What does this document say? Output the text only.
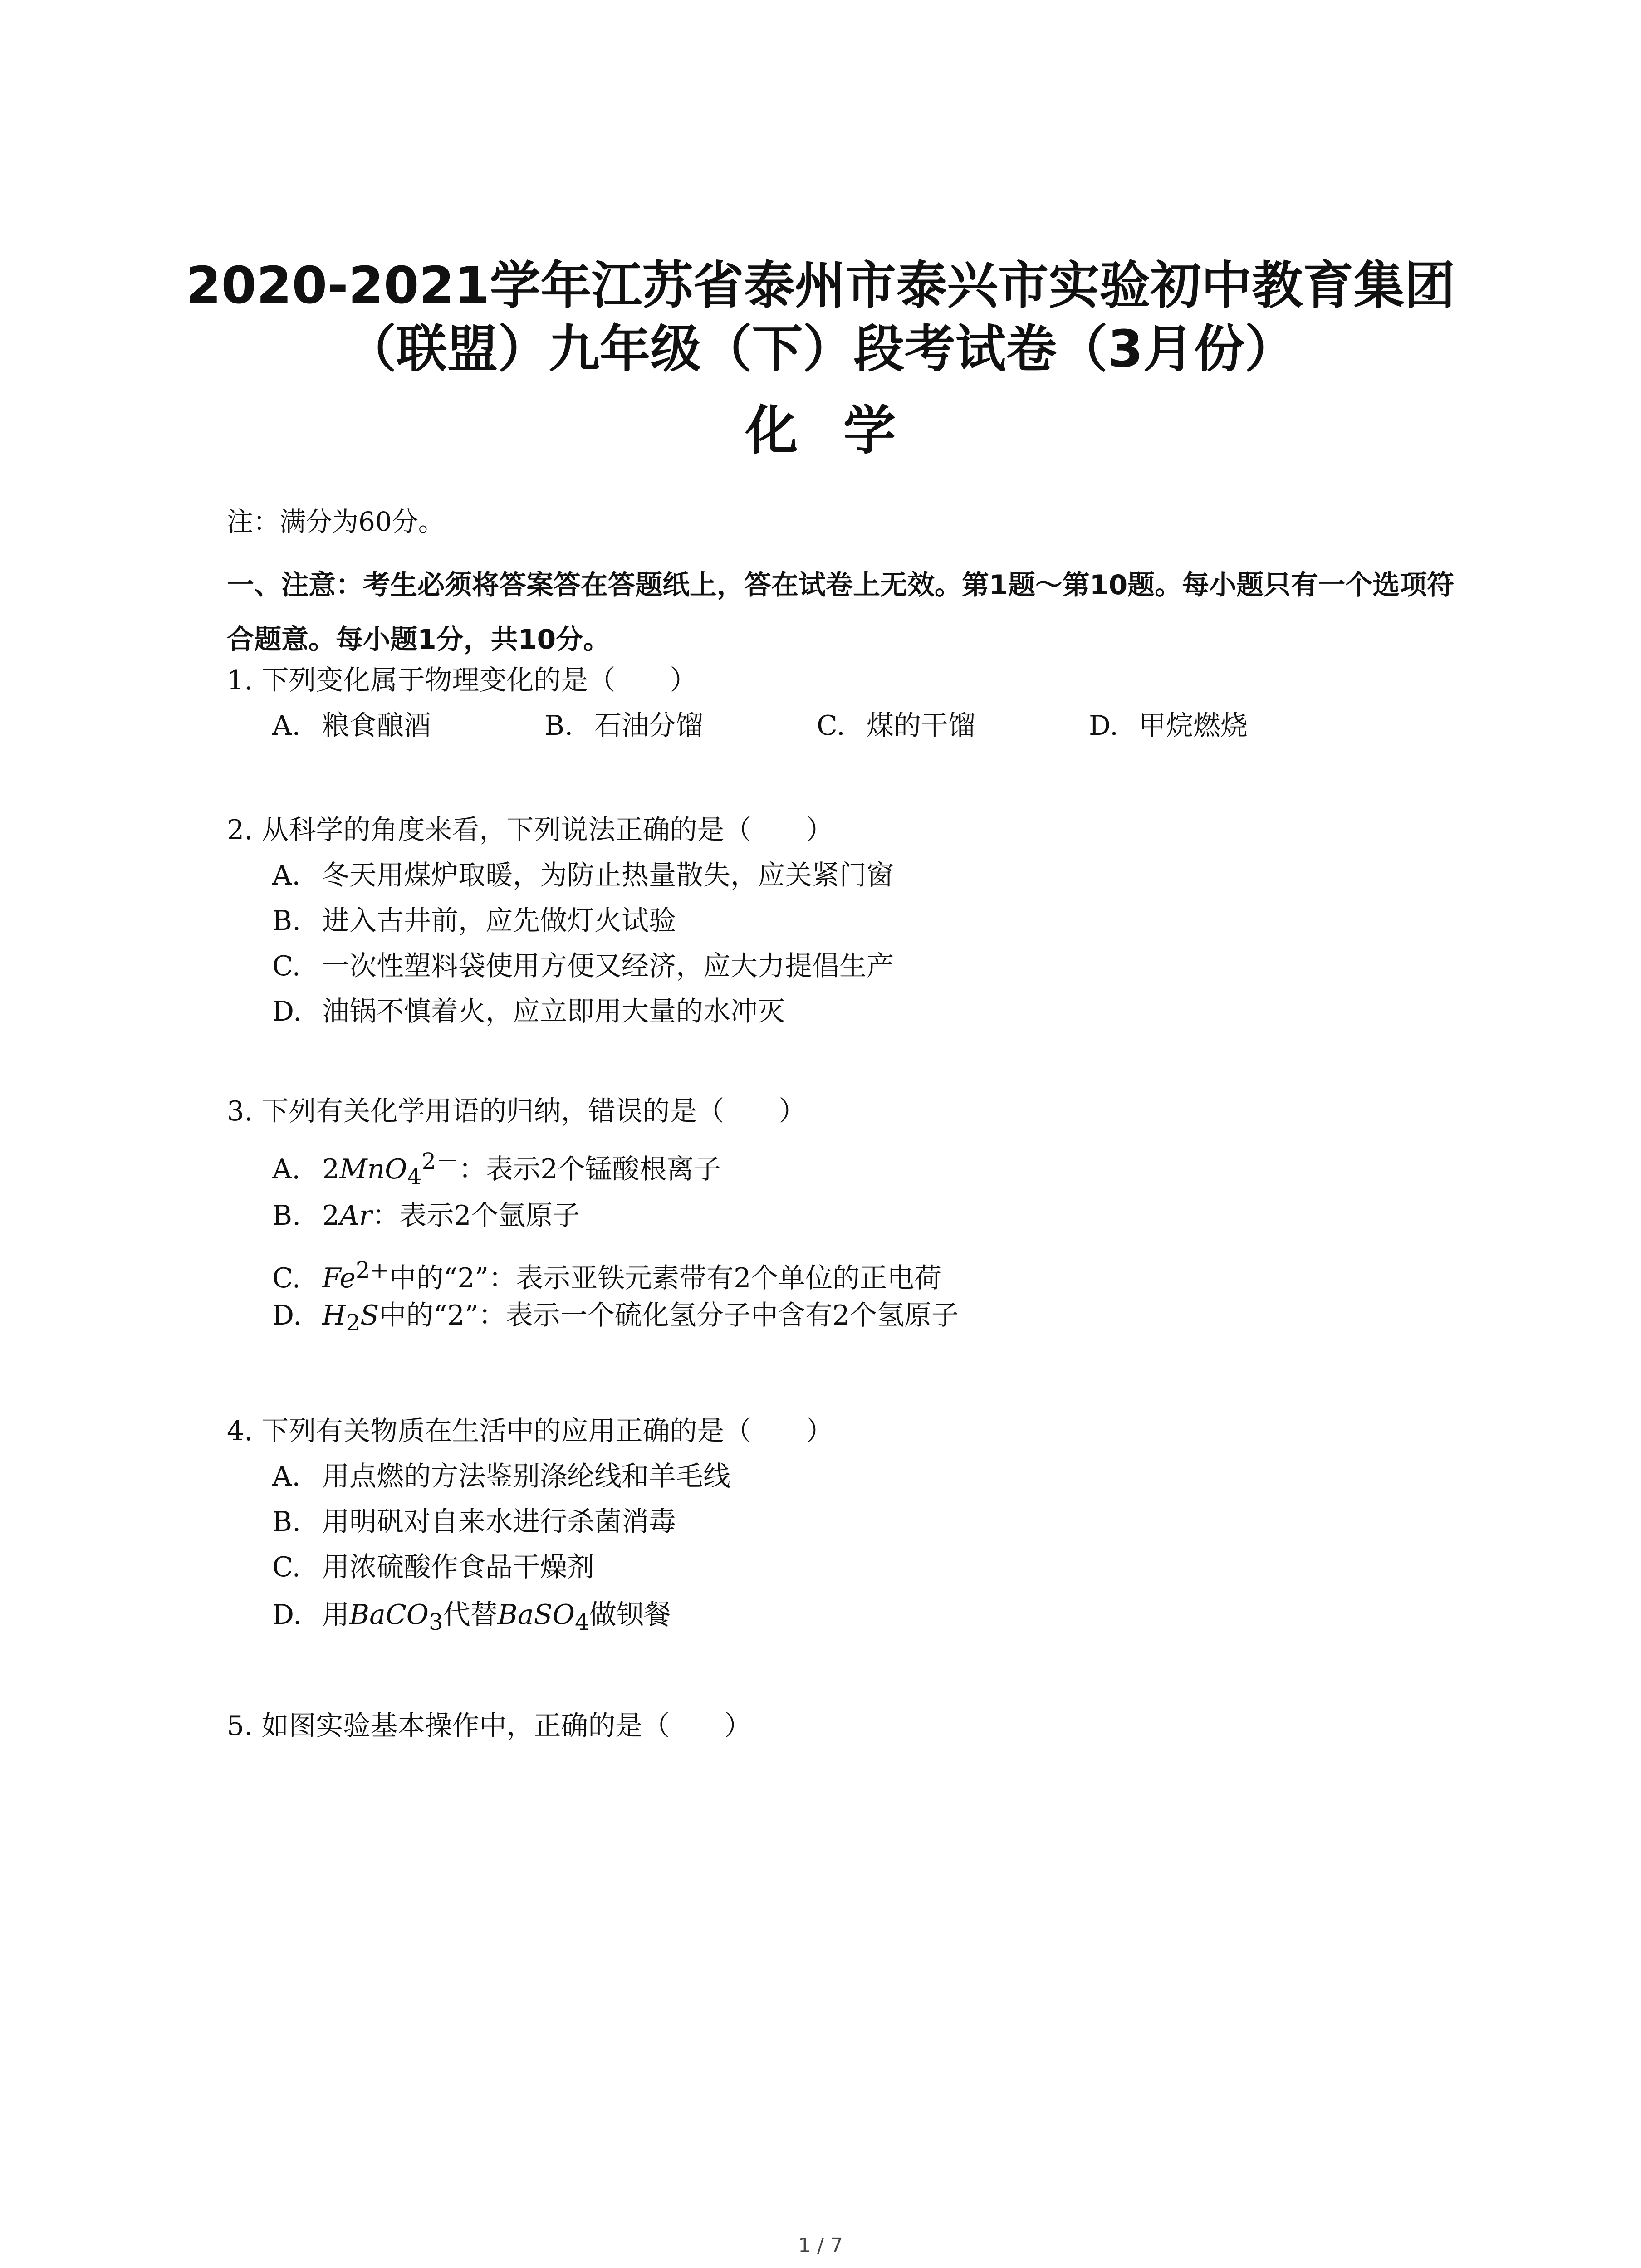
2020-2021学年江苏省泰州市泰兴市实验初中教育集团
（联盟）九年级（下）段考试卷（3月份）
化学
注：满分为60分。
一、注意：考生必须将答案答在答题纸上，答在试卷上无效。第1题～第10题。每小题只有一个选项符合题意。每小题1分，共10分。
1. 下列变化属于物理变化的是（　　）
A. 粮食酿酒	B. 石油分馏	C. 煤的干馏	D. 甲烷燃烧
2. 从科学的角度来看，下列说法正确的是（　　）
A. 冬天用煤炉取暖，为防止热量散失，应关紧门窗
B. 进入古井前，应先做灯火试验
C. 一次性塑料袋使用方便又经济，应大力提倡生产
D. 油锅不慎着火，应立即用大量的水冲灭
3. 下列有关化学用语的归纳，错误的是（　　）
A. 2MnO$_4^{2-}$：表示2个锰酸根离子
B. 2Ar：表示2个氩原子
C. $Fe^{2+}$中的“2”：表示亚铁元素带有2个单位的正电荷
D. $H_2S$中的“2”：表示一个硫化氢分子中含有2个氢原子
4. 下列有关物质在生活中的应用正确的是（　　）
A. 用点燃的方法鉴别涤纶线和羊毛线
B. 用明矾对自来水进行杀菌消毒
C. 用浓硫酸作食品干燥剂
D. 用BaCO$_3$代替BaSO$_4$做钡餐
5. 如图实验基本操作中，正确的是（　　）
1 / 7
